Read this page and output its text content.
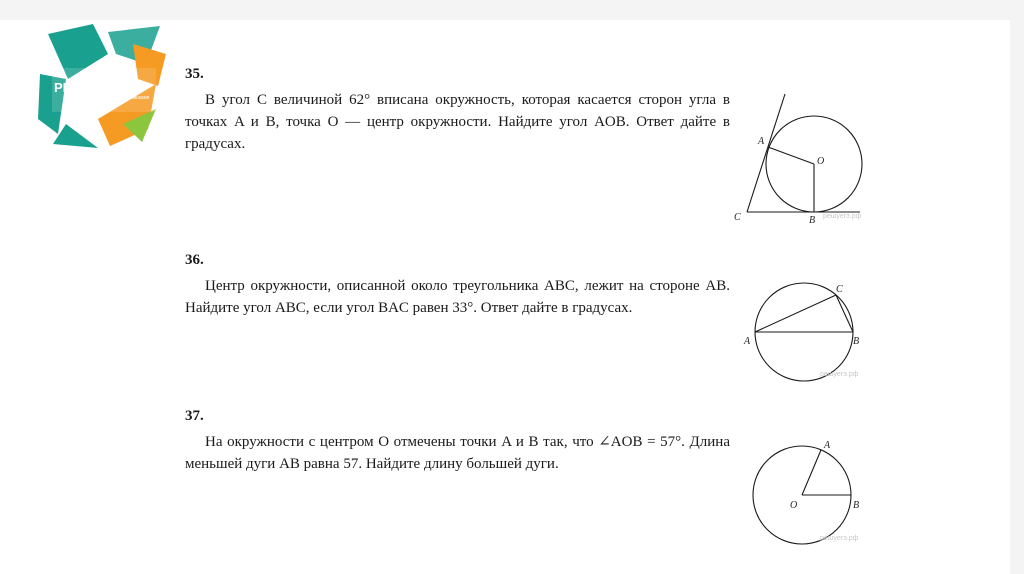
математическая
PRO рифметика
гимназия
С2

35.

В угол С величиной 62° вписана окружность, которая касается сторон угла в точках A и B, точка O — центр окружности. Найдите угол AOB. Ответ дайте в градусах.	A
O
C	B решуегэ.рф

36.

Центр окружности, описанной около треугольника ABC, лежит на стороне AB. Найдите угол ABC, если угол BAC равен 33°. Ответ дайте в градусах.

A	B
C
решуегэ.рф

37.

На окружности с центром O отмечены точки A и B так, что ∠AOB = 57°. Длина меньшей дуги AB равна 57. Найдите длину большей дуги.

A
O	B
решуегэ.рф
